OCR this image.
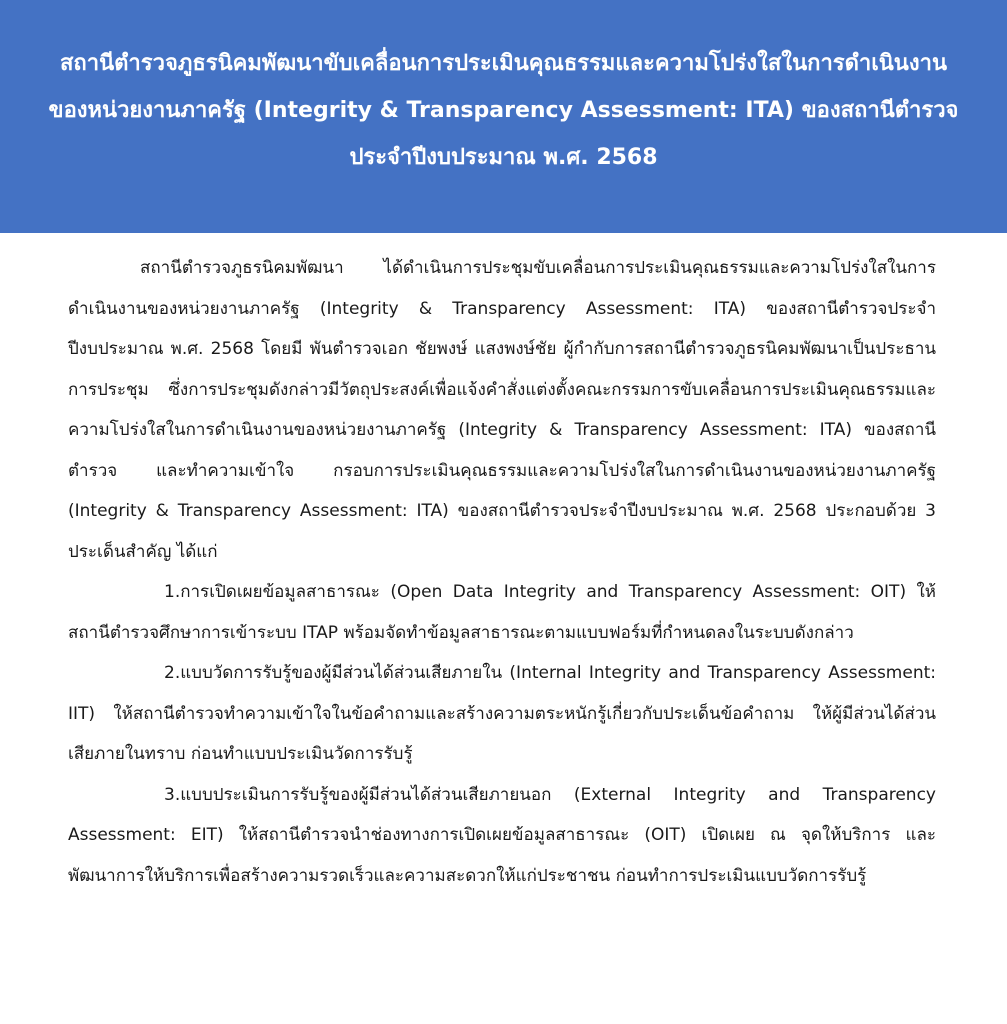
สถานีตำรวจภูธรนิคมพัฒนาขับเคลื่อนการประเมินคุณธรรมและความโปร่งใสในการดำเนินงาน
ของหน่วยงานภาครัฐ (Integrity & Transparency Assessment: ITA) ของสถานีตำรวจ
ประจำปีงบประมาณ พ.ศ. 2568

สถานีตำรวจภูธรนิคมพัฒนา ได้ดำเนินการประชุมขับเคลื่อนการประเมินคุณธรรมและความโปร่งใสในการดำเนินงานของหน่วยงานภาครัฐ (Integrity & Transparency Assessment: ITA) ของสถานีตำรวจประจำปีงบประมาณ พ.ศ. 2568 โดยมี พันตำรวจเอก ชัยพงษ์ แสงพงษ์ชัย ผู้กำกับการสถานีตำรวจภูธรนิคมพัฒนาเป็นประธานการประชุม ซึ่งการประชุมดังกล่าวมีวัตถุประสงค์เพื่อแจ้งคำสั่งแต่งตั้งคณะกรรมการขับเคลื่อนการประเมินคุณธรรมและความโปร่งใสในการดำเนินงานของหน่วยงานภาครัฐ (Integrity & Transparency Assessment: ITA) ของสถานีตำรวจ และทำความเข้าใจ กรอบการประเมินคุณธรรมและความโปร่งใสในการดำเนินงานของหน่วยงานภาครัฐ (Integrity & Transparency Assessment: ITA) ของสถานีตำรวจประจำปีงบประมาณ พ.ศ. 2568 ประกอบด้วย 3 ประเด็นสำคัญ ได้แก่

1.การเปิดเผยข้อมูลสาธารณะ (Open Data Integrity and Transparency Assessment: OIT) ให้สถานีตำรวจศึกษาการเข้าระบบ ITAP พร้อมจัดทำข้อมูลสาธารณะตามแบบฟอร์มที่กำหนดลงในระบบดังกล่าว

2.แบบวัดการรับรู้ของผู้มีส่วนได้ส่วนเสียภายใน (Internal Integrity and Transparency Assessment: IIT) ให้สถานีตำรวจทำความเข้าใจในข้อคำถามและสร้างความตระหนักรู้เกี่ยวกับประเด็นข้อคำถาม ให้ผู้มีส่วนได้ส่วนเสียภายในทราบ ก่อนทำแบบประเมินวัดการรับรู้

3.แบบประเมินการรับรู้ของผู้มีส่วนได้ส่วนเสียภายนอก (External Integrity and Transparency Assessment: EIT) ให้สถานีตำรวจนำช่องทางการเปิดเผยข้อมูลสาธารณะ (OIT) เปิดเผย ณ จุดให้บริการ และพัฒนาการให้บริการเพื่อสร้างความรวดเร็วและความสะดวกให้แก่ประชาชน ก่อนทำการประเมินแบบวัดการรับรู้
